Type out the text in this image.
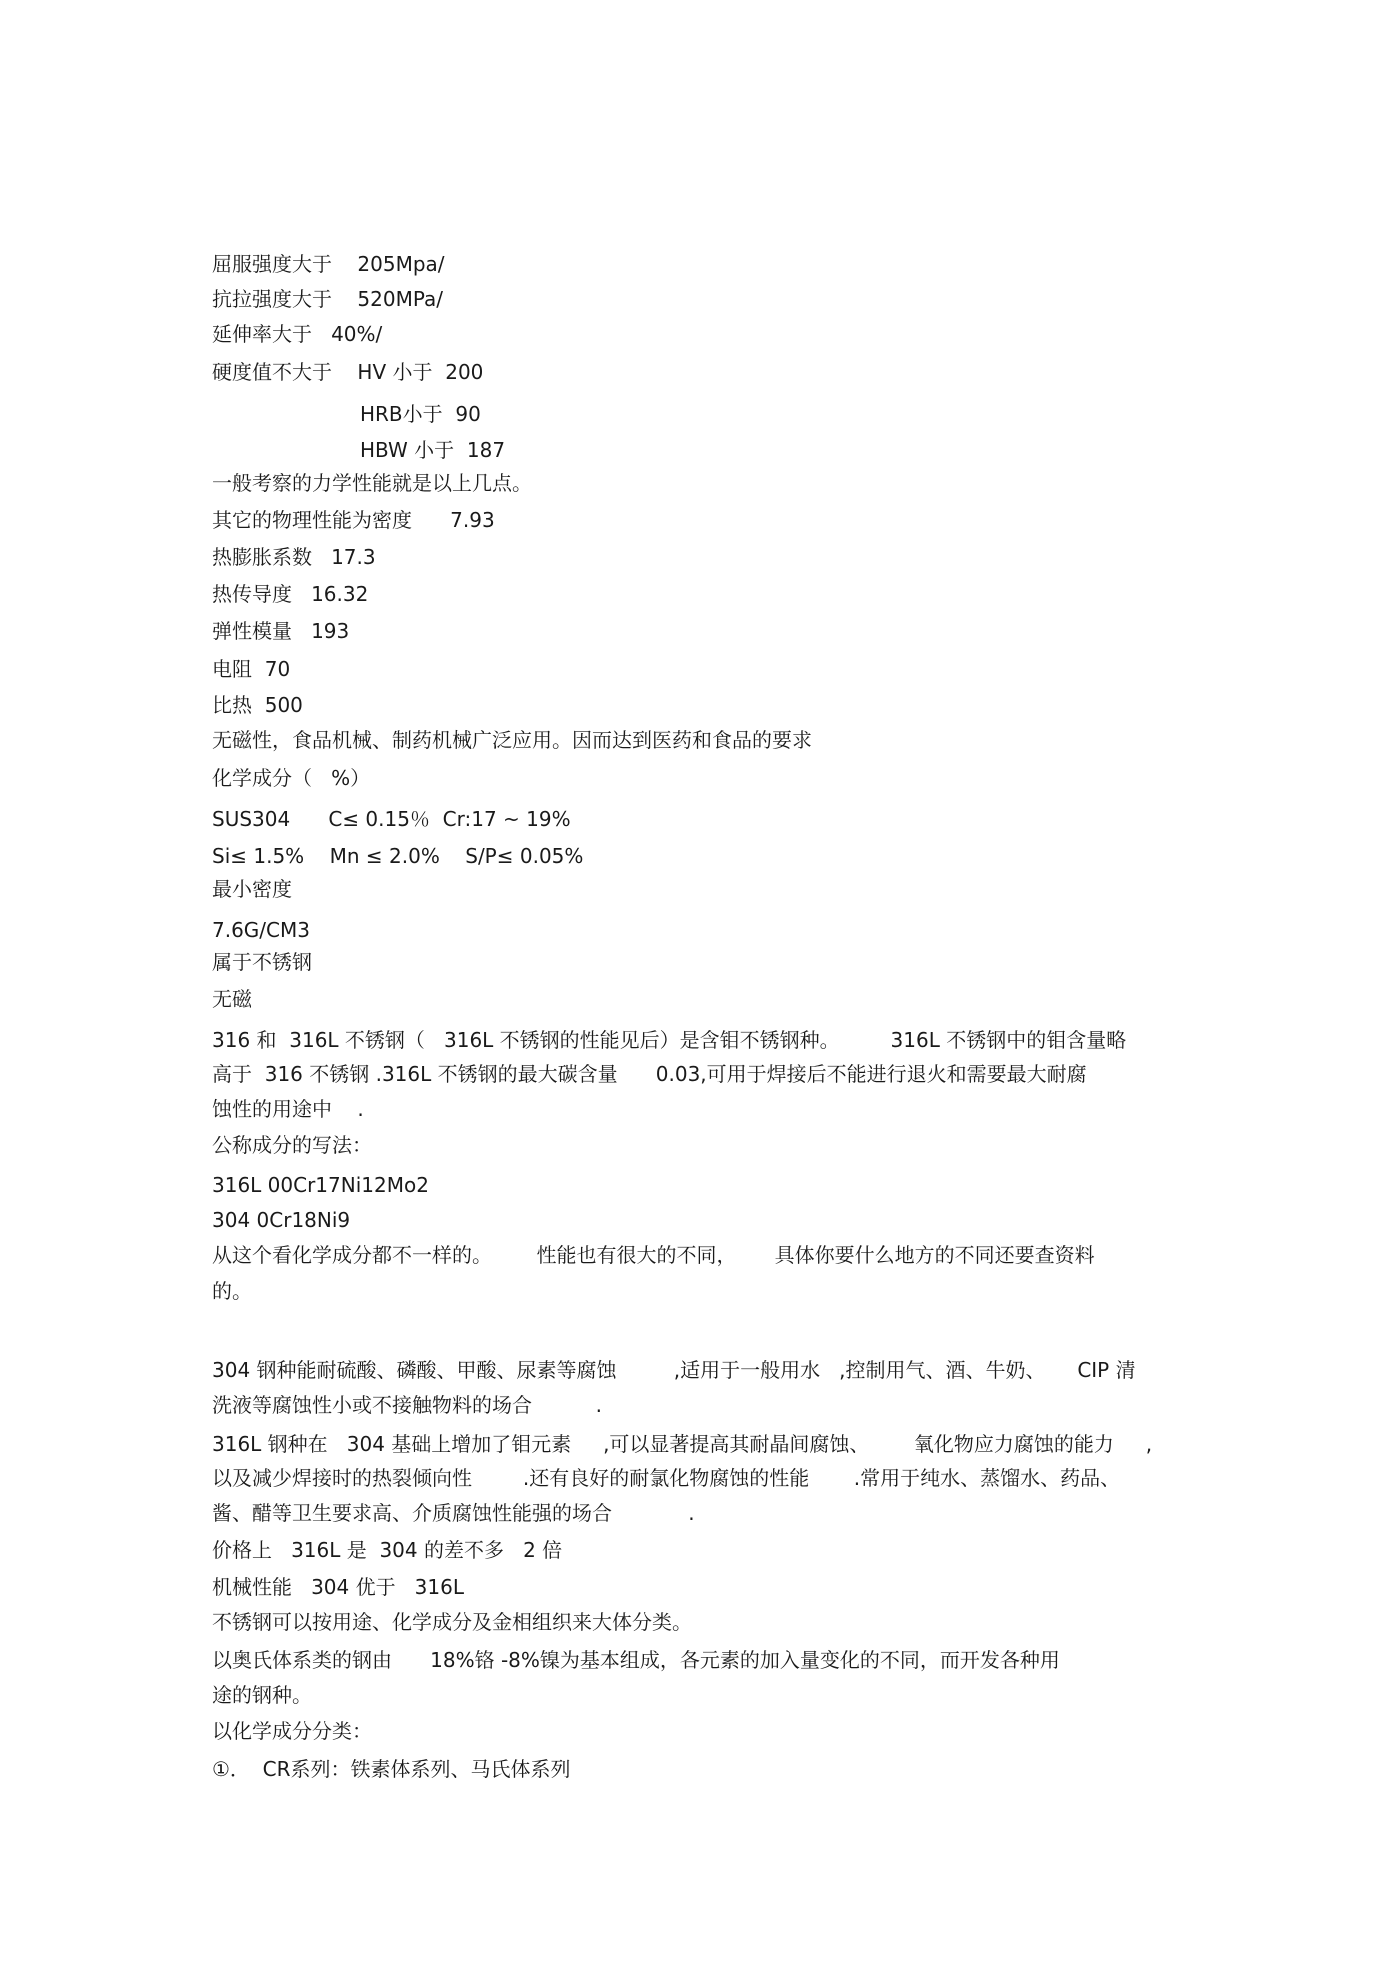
屈服强度大于    205Mpa/
抗拉强度大于    520MPa/
延伸率大于   40%/
硬度值不大于    HV 小于  200
HRB小于  90
HBW 小于  187
一般考察的力学性能就是以上几点。
其它的物理性能为密度      7.93
热膨胀系数   17.3
热传导度   16.32
弹性模量   193
电阻  70
比热  500
无磁性，食品机械、制药机械广泛应用。因而达到医药和食品的要求
化学成分（   %）
SUS304      C≤ 0.15％  Cr:17 ~ 19%
Si≤ 1.5%    Mn ≤ 2.0%    S/P≤ 0.05%
最小密度
7.6G/CM3
属于不锈钢
无磁
316 和  316L 不锈钢（   316L 不锈钢的性能见后）是含钼不锈钢种。        316L 不锈钢中的钼含量略
高于  316 不锈钢 .316L 不锈钢的最大碳含量      0.03,可用于焊接后不能进行退火和需要最大耐腐
蚀性的用途中    .
公称成分的写法：
316L 00Cr17Ni12Mo2
304 0Cr18Ni9
从这个看化学成分都不一样的。       性能也有很大的不同，      具体你要什么地方的不同还要查资料
的。
304 钢种能耐硫酸、磷酸、甲酸、尿素等腐蚀         ,适用于一般用水   ,控制用气、酒、牛奶、     CIP 清
洗液等腐蚀性小或不接触物料的场合          .
316L 钢种在   304 基础上增加了钼元素     ,可以显著提高其耐晶间腐蚀、       氧化物应力腐蚀的能力     ,
以及减少焊接时的热裂倾向性        .还有良好的耐氯化物腐蚀的性能       .常用于纯水、蒸馏水、药品、
酱、醋等卫生要求高、介质腐蚀性能强的场合            .
价格上   316L 是  304 的差不多   2 倍
机械性能   304 优于   316L
不锈钢可以按用途、化学成分及金相组织来大体分类。
以奥氏体系类的钢由      18%铬 -8%镍为基本组成，各元素的加入量变化的不同，而开发各种用
途的钢种。
以化学成分分类：
①．  CR系列：铁素体系列、马氏体系列
